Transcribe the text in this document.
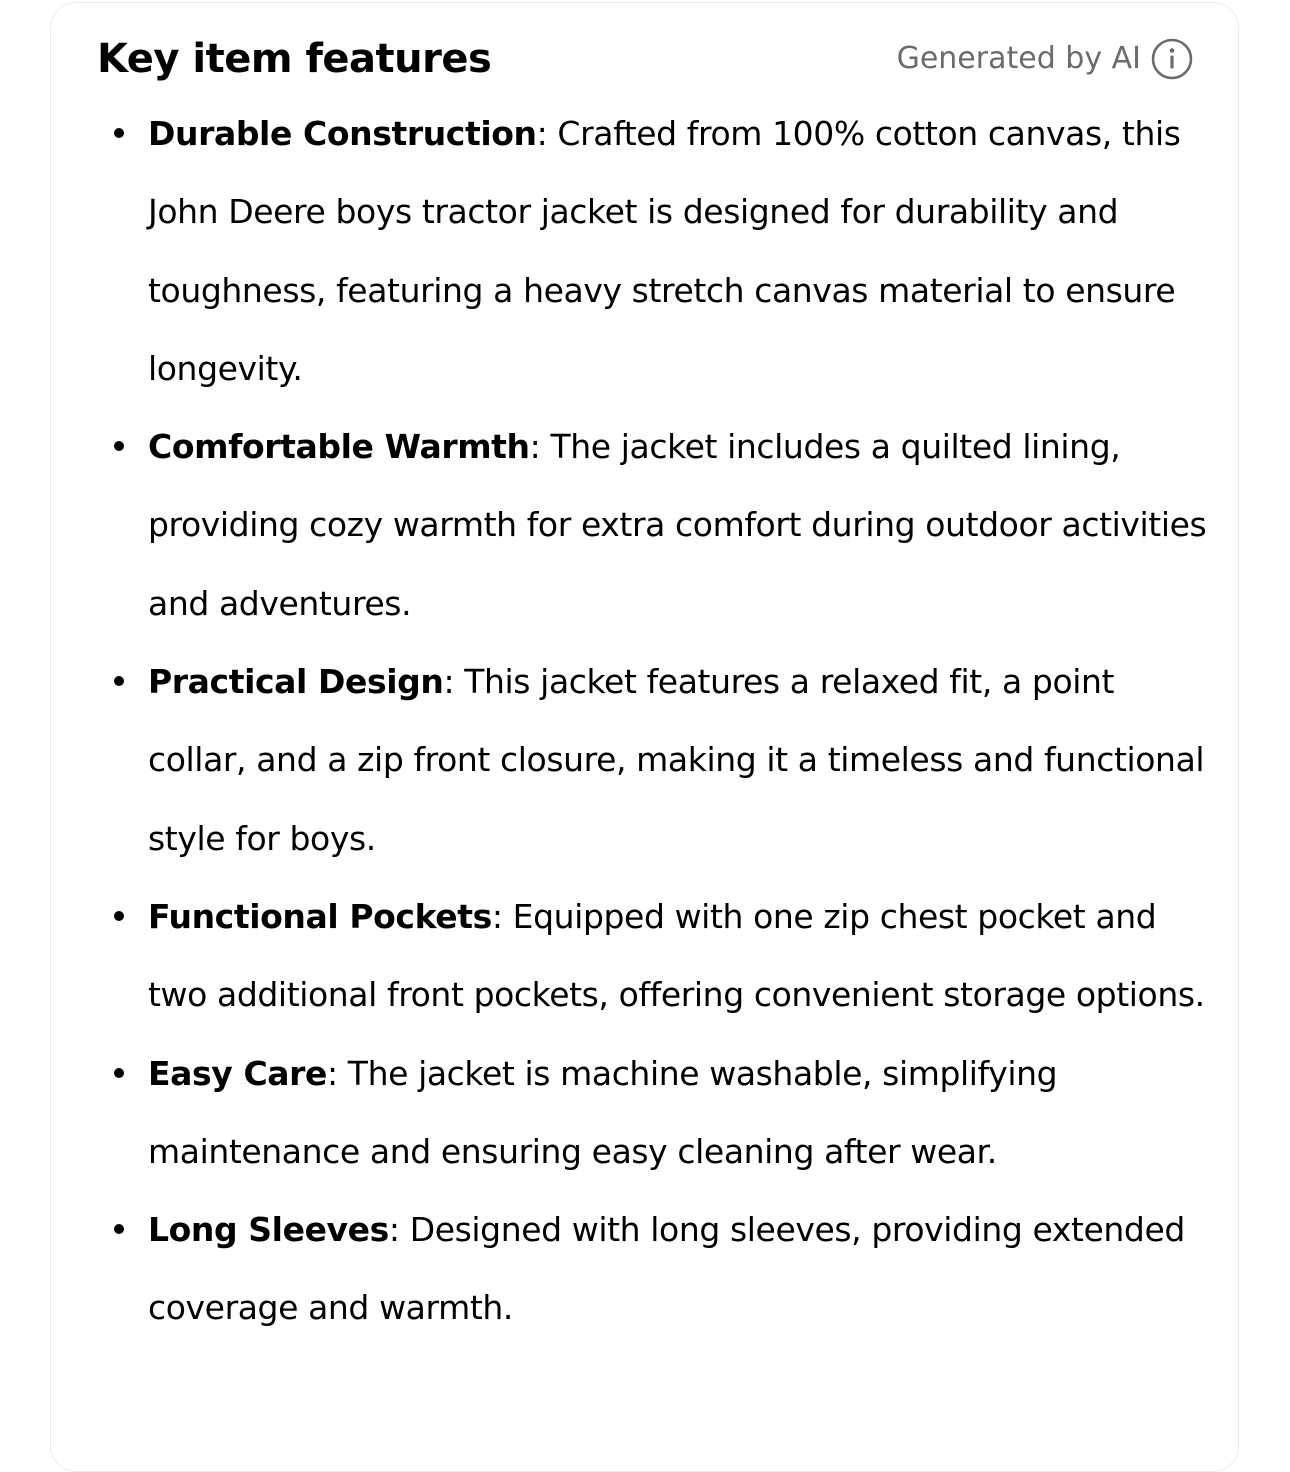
Key item features	Generated by AI
Durable Construction: Crafted from 100% cotton canvas, this John Deere boys tractor jacket is designed for durability and toughness, featuring a heavy stretch canvas material to ensure longevity.
Comfortable Warmth: The jacket includes a quilted lining, providing cozy warmth for extra comfort during outdoor activities and adventures.
Practical Design: This jacket features a relaxed fit, a point collar, and a zip front closure, making it a timeless and functional style for boys.
Functional Pockets: Equipped with one zip chest pocket and two additional front pockets, offering convenient storage options.
Easy Care: The jacket is machine washable, simplifying maintenance and ensuring easy cleaning after wear.
Long Sleeves: Designed with long sleeves, providing extended coverage and warmth.
